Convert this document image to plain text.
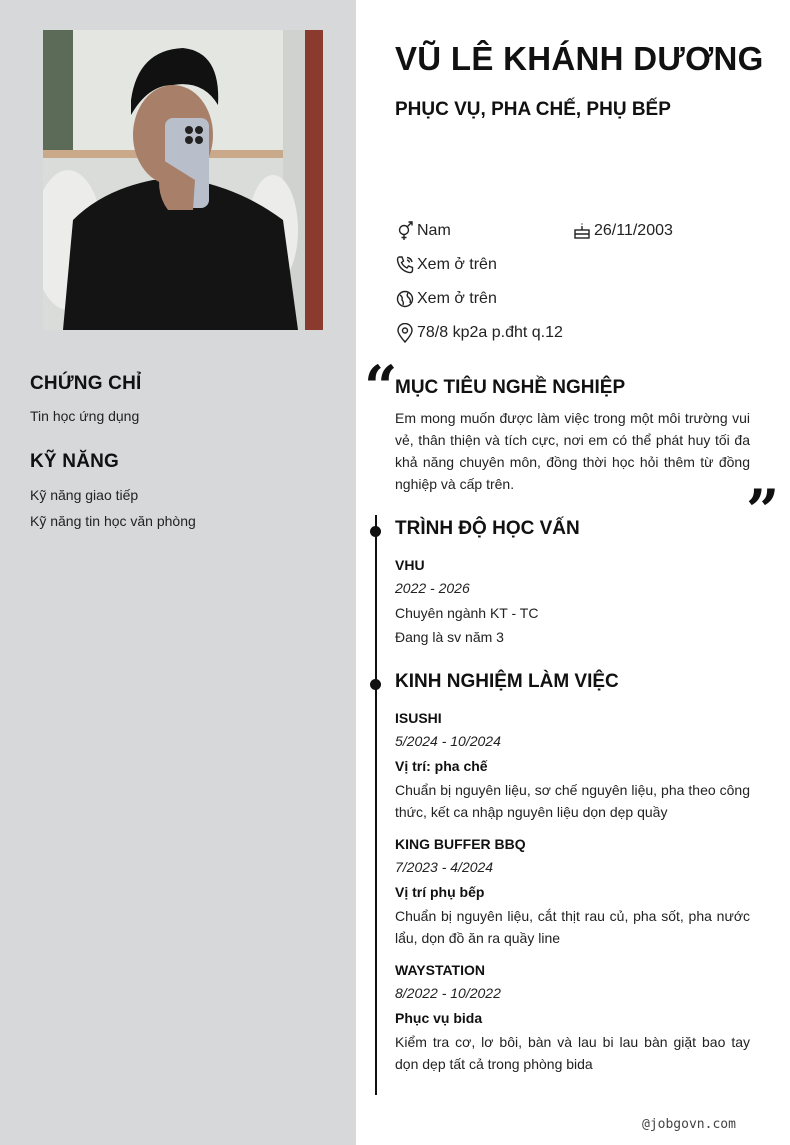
CHỨNG CHỈ
Tin học ứng dụng
KỸ NĂNG
Kỹ năng giao tiếp
Kỹ năng tin học văn phòng
VŨ LÊ KHÁNH DƯƠNG
PHỤC VỤ, PHA CHẾ, PHỤ BẾP
Nam	26/11/2003
Xem ở trên
Xem ở trên
78/8 kp2a p.đht q.12
“
MỤC TIÊU NGHỀ NGHIỆP
Em mong muốn được làm việc trong một môi trường vui vẻ, thân thiện và tích cực, nơi em có thể phát huy tối đa khả năng chuyên môn, đồng thời học hỏi thêm từ đồng nghiệp và cấp trên.	”
TRÌNH ĐỘ HỌC VẤN
VHU
2022 - 2026
Chuyên ngành KT - TC
Đang là sv năm 3
KINH NGHIỆM LÀM VIỆC
ISUSHI
5/2024 - 10/2024
Vị trí: pha chế
Chuẩn bị nguyên liệu, sơ chế nguyên liệu, pha theo công thức, kết ca nhập nguyên liệu dọn dẹp quầy
KING BUFFER BBQ
7/2023 - 4/2024
Vị trí phụ bếp
Chuẩn bị nguyên liệu, cắt thịt rau củ, pha sốt, pha nước lẩu, dọn đồ ăn ra quầy line
WAYSTATION
8/2022 - 10/2022
Phục vụ bida
Kiểm tra cơ, lơ bôi, bàn và lau bi lau bàn giặt bao tay dọn dẹp tất cả trong phòng bida
@jobgovn.com
